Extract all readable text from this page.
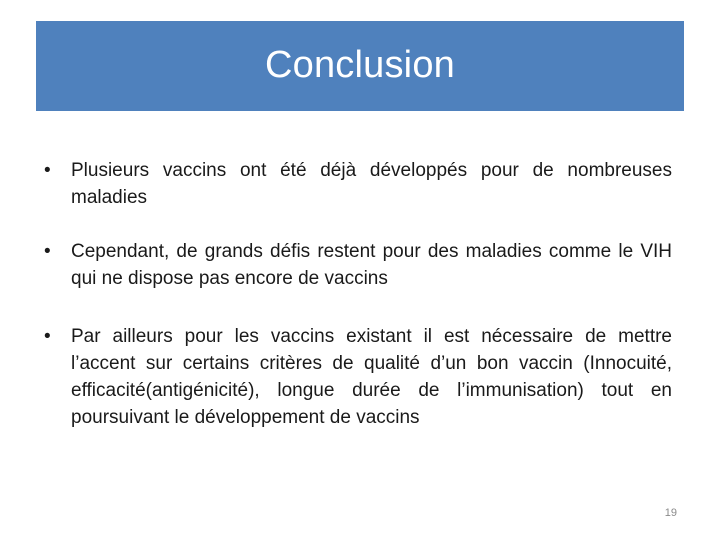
Conclusion
•	Plusieurs vaccins ont été déjà développés pour de nombreuses maladies
•	Cependant, de grands défis restent pour des maladies comme le VIH qui ne dispose pas encore de vaccins
•	Par ailleurs pour les vaccins existant il est nécessaire de mettre l’accent sur certains critères de qualité d’un bon vaccin (Innocuité, efficacité(antigénicité), longue durée de l’immunisation) tout en poursuivant le développement de vaccins
19
